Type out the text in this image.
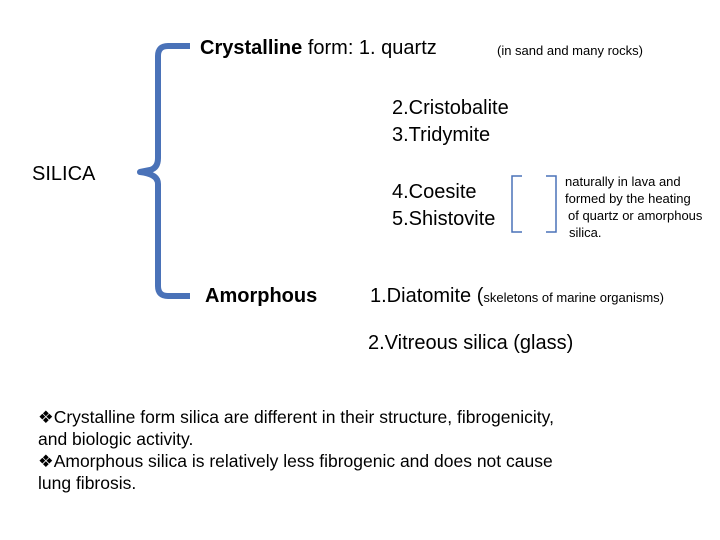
SILICA
Crystalline form: 1. quartz	(in sand and many rocks)
2.Cristobalite
3.Tridymite
4.Coesite
5.Shistovite
naturally in lava and
formed by the heating
of quartz or amorphous
silica.
Amorphous	1.Diatomite (skeletons of marine organisms)
2.Vitreous silica (glass)
❖Crystalline form silica are different in their structure, fibrogenicity,
and biologic activity.
❖Amorphous silica is relatively less fibrogenic and does not cause
lung fibrosis.
